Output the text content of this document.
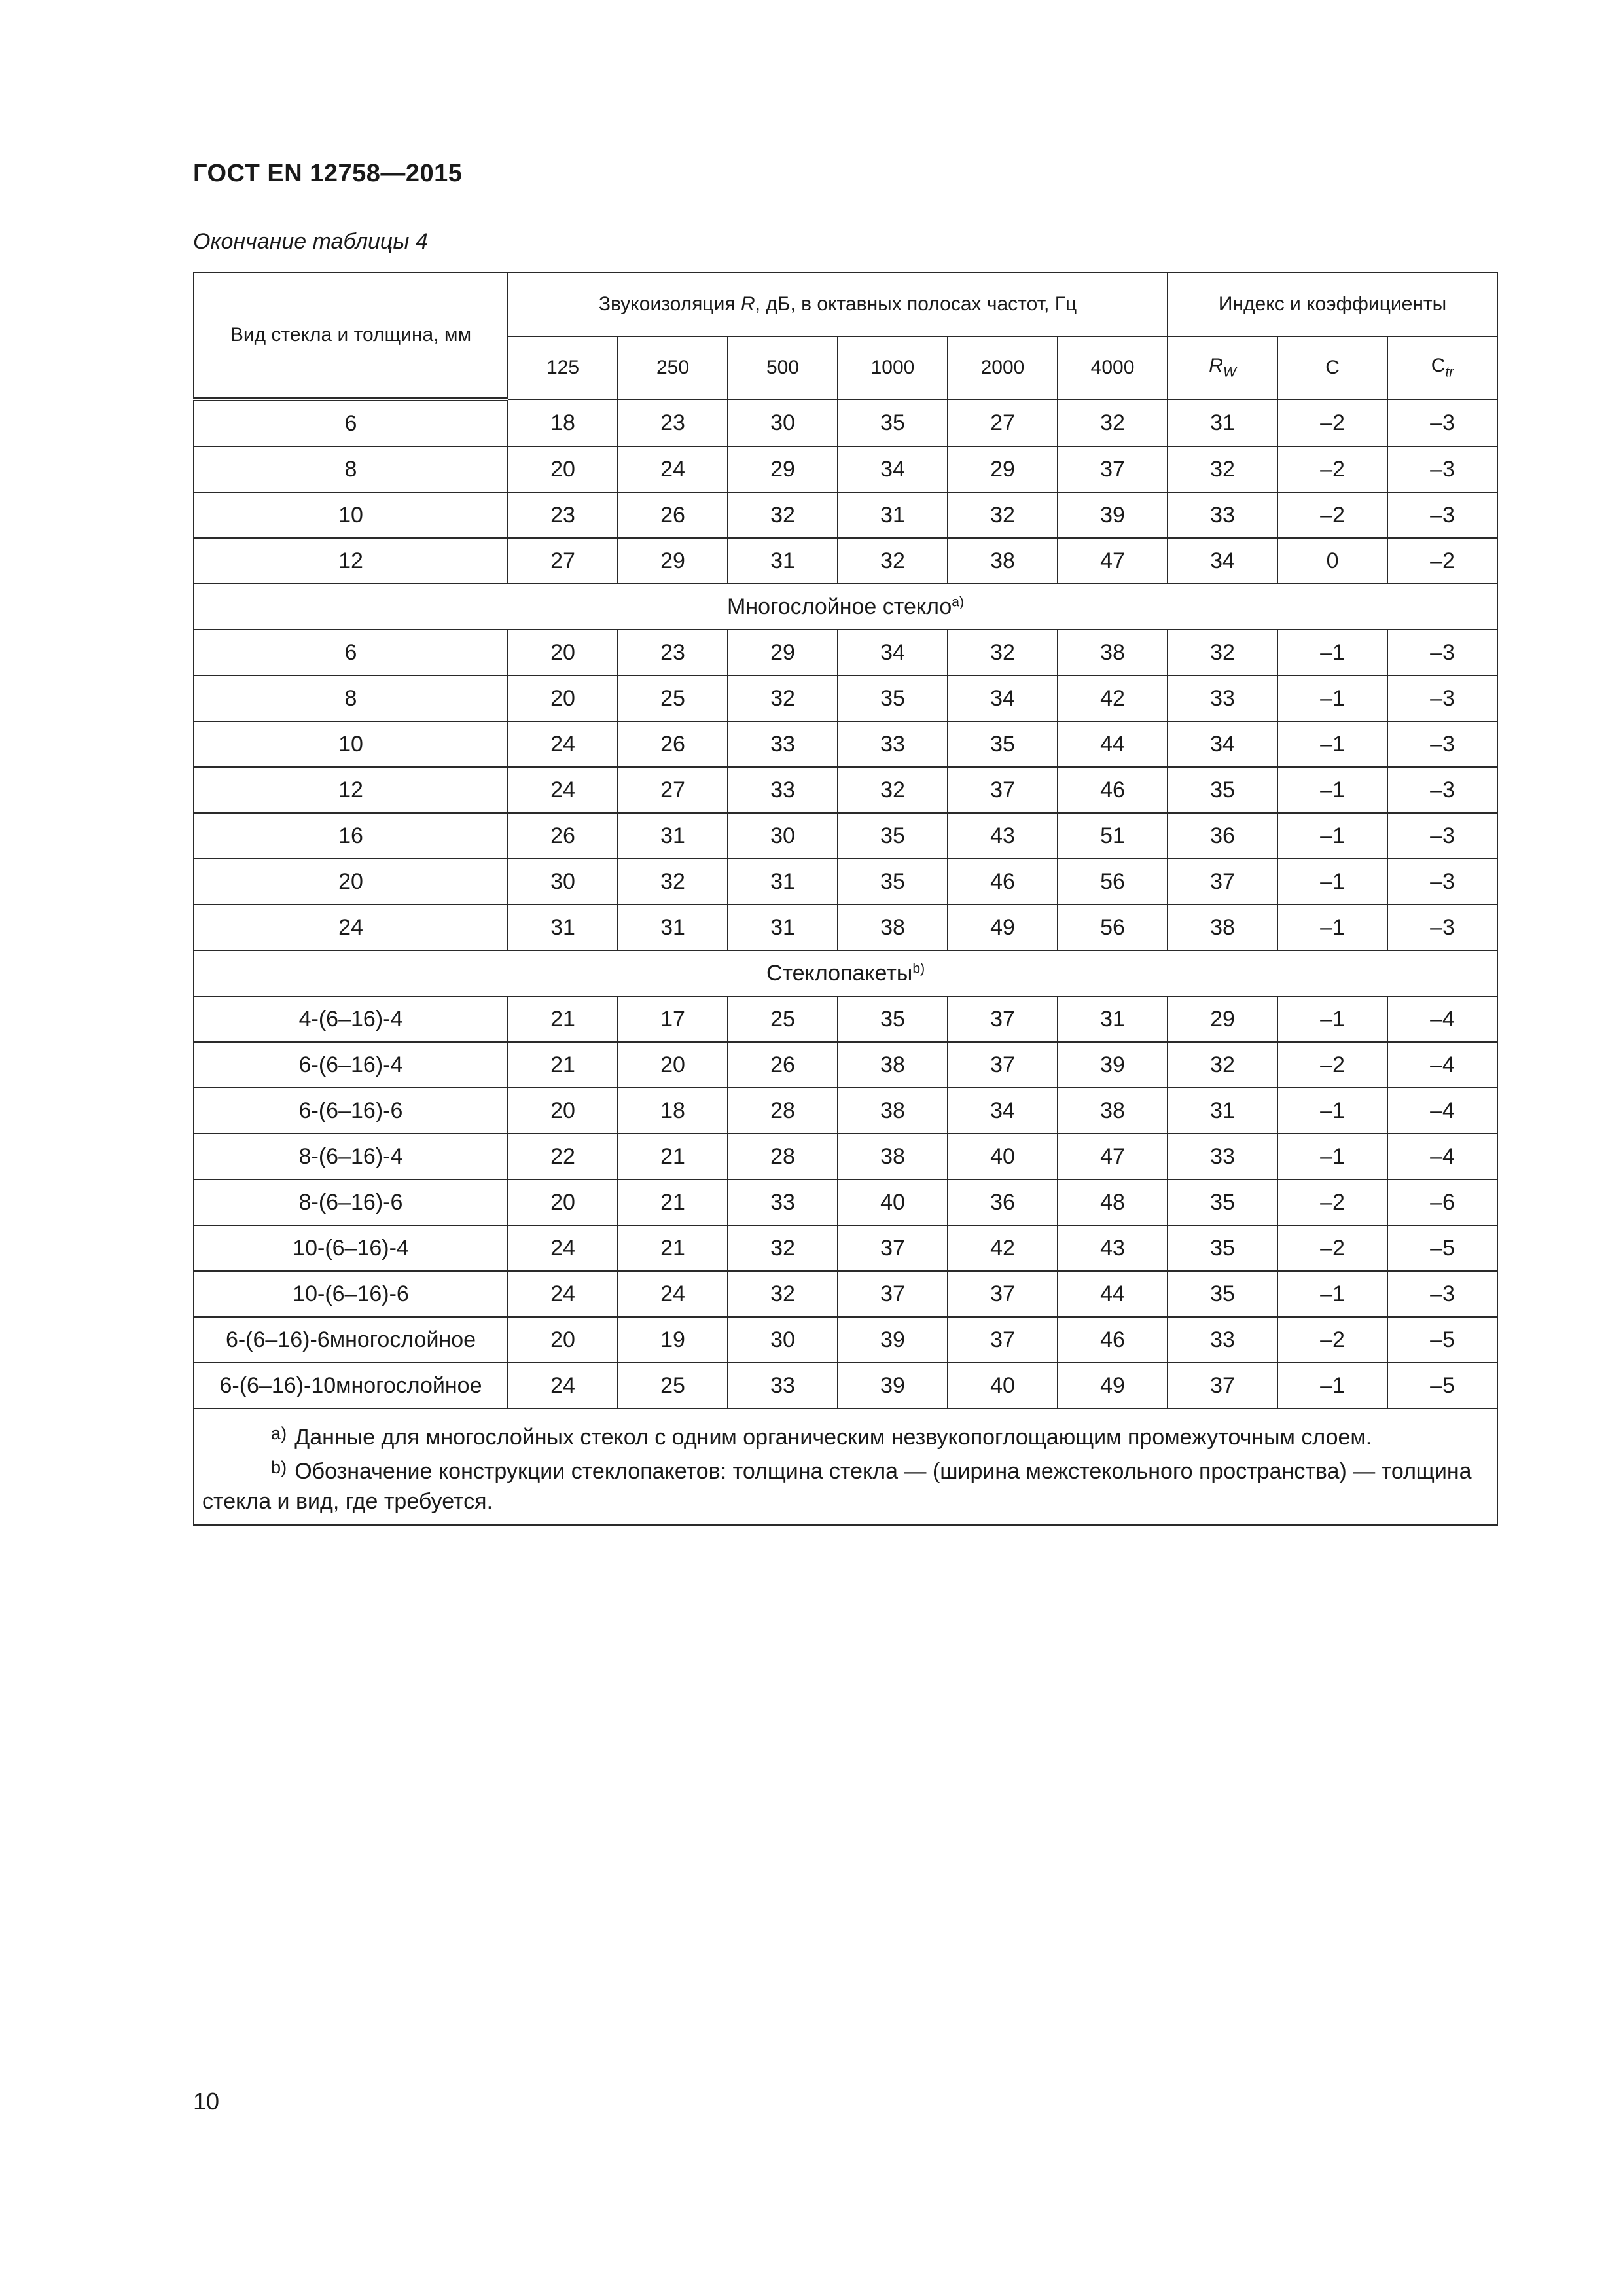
ГОСТ EN 12758—2015
Окончание таблицы 4
Вид стекла и толщина, мм	Звукоизоляция R, дБ, в октавных полосах частот, Гц						Индекс и коэффициенты		
	125	250	500	1000	2000	4000	$R_W$	C	$C_{tr}$
6	18	23	30	35	27	32	31	–2	–3
8	20	24	29	34	29	37	32	–2	–3
10	23	26	32	31	32	39	33	–2	–3
12	27	29	31	32	38	47	34	0	–2
Многослойное стекло$^{a)}$
6	20	23	29	34	32	38	32	–1	–3
8	20	25	32	35	34	42	33	–1	–3
10	24	26	33	33	35	44	34	–1	–3
12	24	27	33	32	37	46	35	–1	–3
16	26	31	30	35	43	51	36	–1	–3
20	30	32	31	35	46	56	37	–1	–3
24	31	31	31	38	49	56	38	–1	–3
Стеклопакеты$^{b)}$
4-(6–16)-4	21	17	25	35	37	31	29	–1	–4
6-(6–16)-4	21	20	26	38	37	39	32	–2	–4
6-(6–16)-6	20	18	28	38	34	38	31	–1	–4
8-(6–16)-4	22	21	28	38	40	47	33	–1	–4
8-(6–16)-6	20	21	33	40	36	48	35	–2	–6
10-(6–16)-4	24	21	32	37	42	43	35	–2	–5
10-(6–16)-6	24	24	32	37	37	44	35	–1	–3
6-(6–16)-6многослойное	20	19	30	39	37	46	33	–2	–5
6-(6–16)-10многослойное	24	25	33	39	40	49	37	–1	–5

$^{a)}$ Данные для многослойных стекол с одним органическим незвукопоглощающим промежуточным слоем.
$^{b)}$ Обозначение конструкции стеклопакетов: толщина стекла — (ширина межстекольного пространства) — толщина стекла и вид, где требуется.									
10
